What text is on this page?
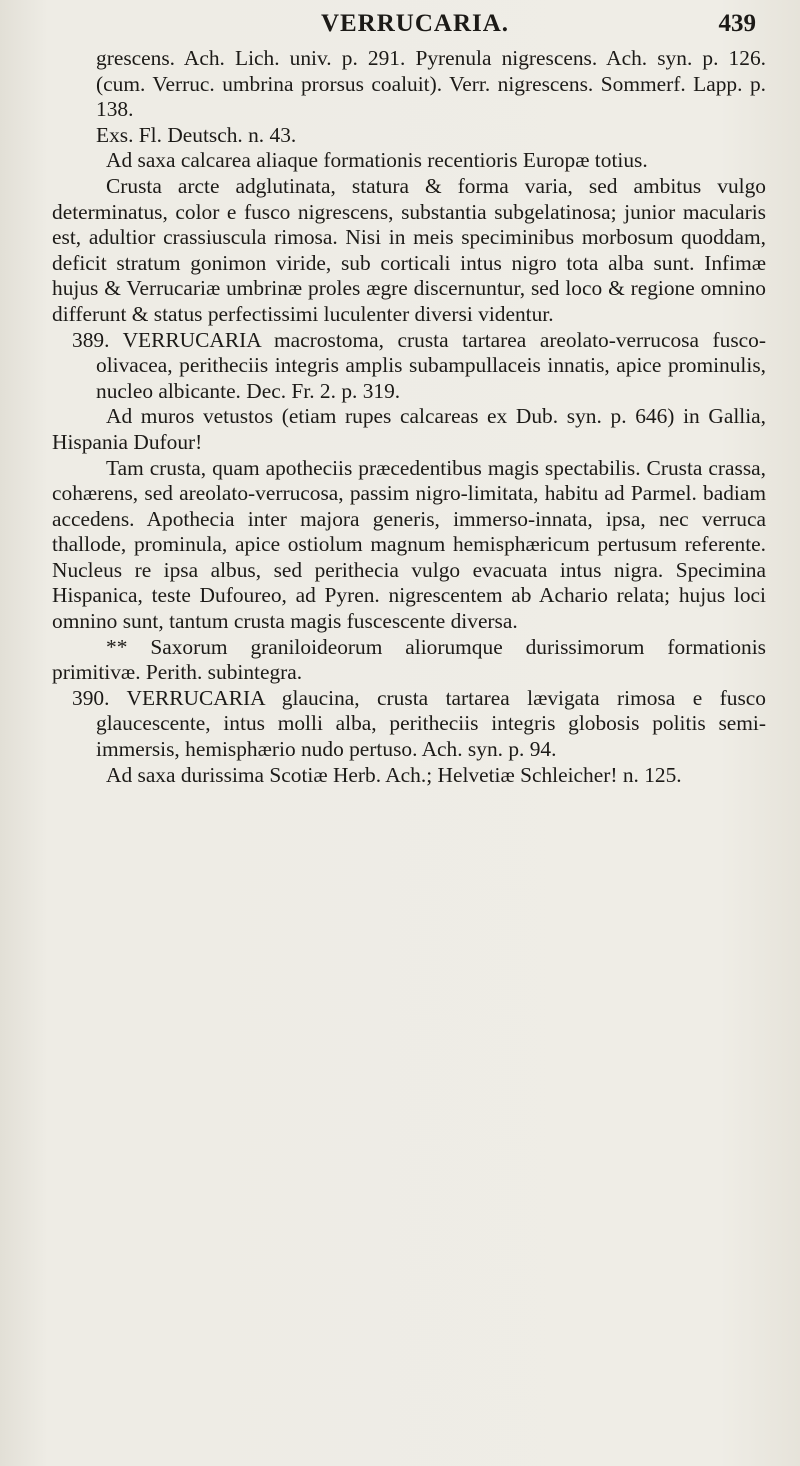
VERRUCARIA.	439

grescens. Ach. Lich. univ. p. 291. Pyrenula nigrescens. Ach. syn. p. 126. (cum. Verruc. umbrina prorsus coaluit). Verr. nigrescens. Sommerf. Lapp. p. 138.

Exs. Fl. Deutsch. n. 43.

Ad saxa calcarea aliaque formationis recentioris Europæ totius.

Crusta arcte adglutinata, statura & forma varia, sed ambitus vulgo determinatus, color e fusco nigrescens, substantia subgelatinosa; junior macularis est, adultior crassiuscula rimosa. Nisi in meis speciminibus morbosum quoddam, deficit stratum gonimon viride, sub corticali intus nigro tota alba sunt. Infimæ hujus & Verrucariæ umbrinæ proles ægre discernuntur, sed loco & regione omnino differunt & status perfectissimi luculenter diversi videntur.

389. VERRUCARIA macrostoma, crusta tartarea areolato-verrucosa fusco-olivacea, peritheciis integris amplis subampullaceis innatis, apice prominulis, nucleo albicante. Dec. Fr. 2. p. 319.

Ad muros vetustos (etiam rupes calcareas ex Dub. syn. p. 646) in Gallia, Hispania Dufour!

Tam crusta, quam apotheciis præcedentibus magis spectabilis. Crusta crassa, cohærens, sed areolato-verrucosa, passim nigro-limitata, habitu ad Parmel. badiam accedens. Apothecia inter majora generis, immerso-innata, ipsa, nec verruca thallode, prominula, apice ostiolum magnum hemisphæricum pertusum referente. Nucleus re ipsa albus, sed perithecia vulgo evacuata intus nigra. Specimina Hispanica, teste Dufoureo, ad Pyren. nigrescentem ab Achario relata; hujus loci omnino sunt, tantum crusta magis fuscescente diversa.

** Saxorum graniloideorum aliorumque durissimorum formationis primitivæ. Perith. subintegra.

390. VERRUCARIA glaucina, crusta tartarea lævigata rimosa e fusco glaucescente, intus molli alba, peritheciis integris globosis politis semi-immersis, hemisphærio nudo pertuso. Ach. syn. p. 94.

Ad saxa durissima Scotiæ Herb. Ach.; Helvetiæ Schleicher! n. 125.
